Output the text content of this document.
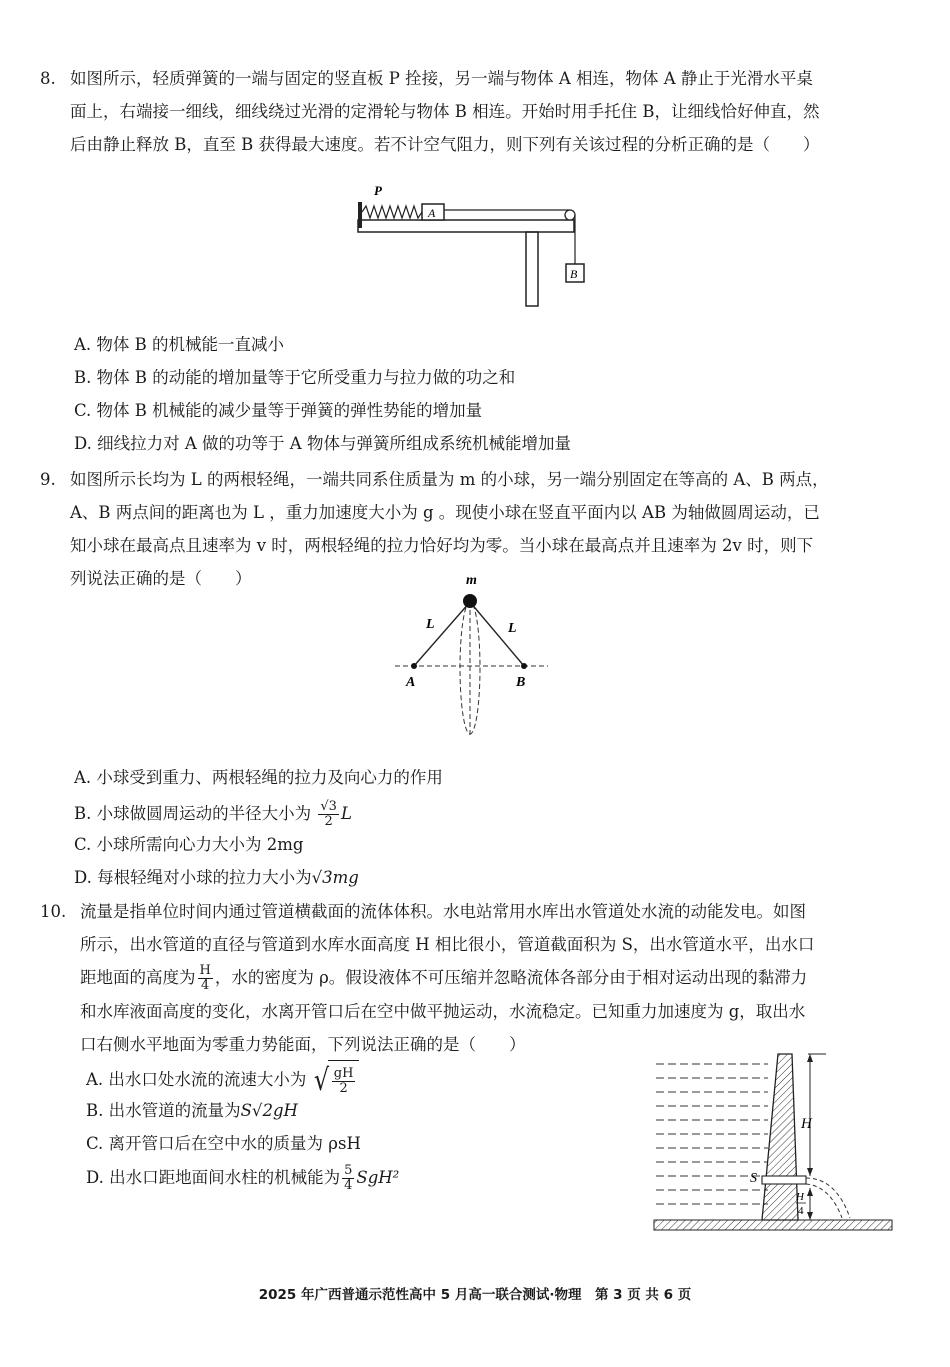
8. 如图所示，轻质弹簧的一端与固定的竖直板 P 拴接，另一端与物体 A 相连，物体 A 静止于光滑水平桌
面上，右端接一细线，细线绕过光滑的定滑轮与物体 B 相连。开始时用手托住 B，让细线恰好伸直，然
后由静止释放 B，直至 B 获得最大速度。若不计空气阻力，则下列有关该过程的分析正确的是（　　）
P
A
B
A. 物体 B 的机械能一直减小
B. 物体 B 的动能的增加量等于它所受重力与拉力做的功之和
C. 物体 B 机械能的减少量等于弹簧的弹性势能的增加量
D. 细线拉力对 A 做的功等于 A 物体与弹簧所组成系统机械能增加量
9. 如图所示长均为 L 的两根轻绳，一端共同系住质量为 m 的小球，另一端分别固定在等高的 A、B 两点，
A、B 两点间的距离也为 L ，重力加速度大小为 g 。现使小球在竖直平面内以 AB 为轴做圆周运动，已
知小球在最高点且速率为 v 时，两根轻绳的拉力恰好均为零。当小球在最高点并且速率为 2v 时，则下
列说法正确的是（　　）	m
L	L
A	B
A. 小球受到重力、两根轻绳的拉力及向心力的作用
B. 小球做圆周运动的半径大小为 $\frac{√3}{2}$ L
C. 小球所需向心力大小为 2mg
D. 每根轻绳对小球的拉力大小为√3mg
10. 流量是指单位时间内通过管道横截面的流体体积。水电站常用水库出水管道处水流的动能发电。如图
所示，出水管道的直径与管道到水库水面高度 H 相比很小，管道截面积为 S，出水管道水平，出水口
距地面的高度为 $\frac{H}{4}$ ，水的密度为 ρ。假设液体不可压缩并忽略流体各部分由于相对运动出现的黏滞力
和水库液面高度的变化，水离开管口后在空中做平抛运动，水流稳定。已知重力加速度为 g，取出水
口右侧水平地面为零重力势能面，下列说法正确的是（　　）
A. 出水口处水流的流速大小为 √ $\frac{gH}{2}$
B. 出水管道的流量为S√2gH
C. 离开管口后在空中水的质量为 ρsH
D. 出水口距地面间水柱的机械能为 $\frac{5}{4} SgH^2$
H
S
H
4
2025 年广西普通示范性高中 5 月高一联合测试·物理　第 3 页 共 6 页
